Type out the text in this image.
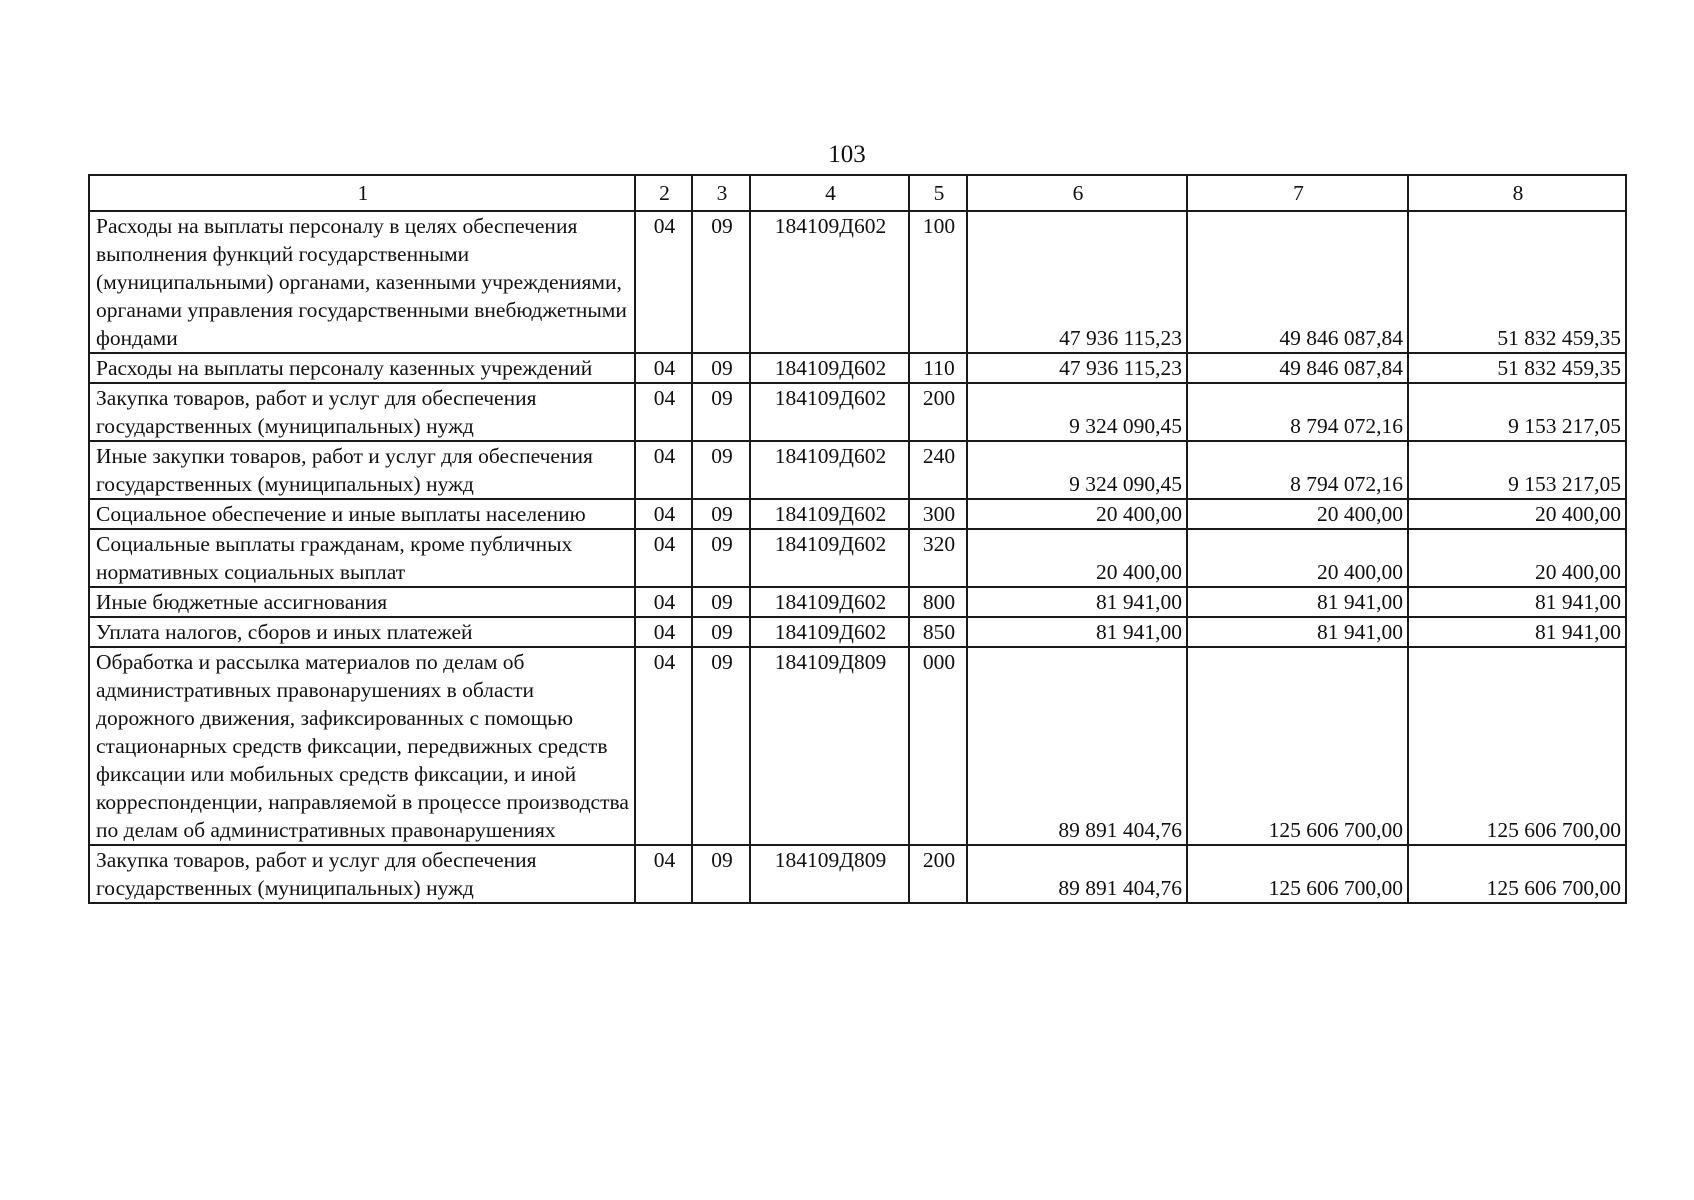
103
1	2	3	4	5	6	7	8
Расходы на выплаты персоналу в целях обеспечения выполнения функций государственными (муниципальными) органами, казенными учреждениями, органами управления государственными внебюджетными фондами	04	09	184109Д602	100	47 936 115,23	49 846 087,84	51 832 459,35
Расходы на выплаты персоналу казенных учреждений	04	09	184109Д602	110	47 936 115,23	49 846 087,84	51 832 459,35
Закупка товаров, работ и услуг для обеспечения государственных (муниципальных) нужд	04	09	184109Д602	200	9 324 090,45	8 794 072,16	9 153 217,05
Иные закупки товаров, работ и услуг для обеспечения государственных (муниципальных) нужд	04	09	184109Д602	240	9 324 090,45	8 794 072,16	9 153 217,05
Социальное обеспечение и иные выплаты населению	04	09	184109Д602	300	20 400,00	20 400,00	20 400,00
Социальные выплаты гражданам, кроме публичных нормативных социальных выплат	04	09	184109Д602	320	20 400,00	20 400,00	20 400,00
Иные бюджетные ассигнования	04	09	184109Д602	800	81 941,00	81 941,00	81 941,00
Уплата налогов, сборов и иных платежей	04	09	184109Д602	850	81 941,00	81 941,00	81 941,00
Обработка и рассылка материалов по делам об административных правонарушениях в области дорожного движения, зафиксированных с помощью стационарных средств фиксации, передвижных средств фиксации или мобильных средств фиксации, и иной корреспонденции, направляемой в процессе производства по делам об административных правонарушениях	04	09	184109Д809	000	89 891 404,76	125 606 700,00	125 606 700,00
Закупка товаров, работ и услуг для обеспечения государственных (муниципальных) нужд	04	09	184109Д809	200	89 891 404,76	125 606 700,00	125 606 700,00
